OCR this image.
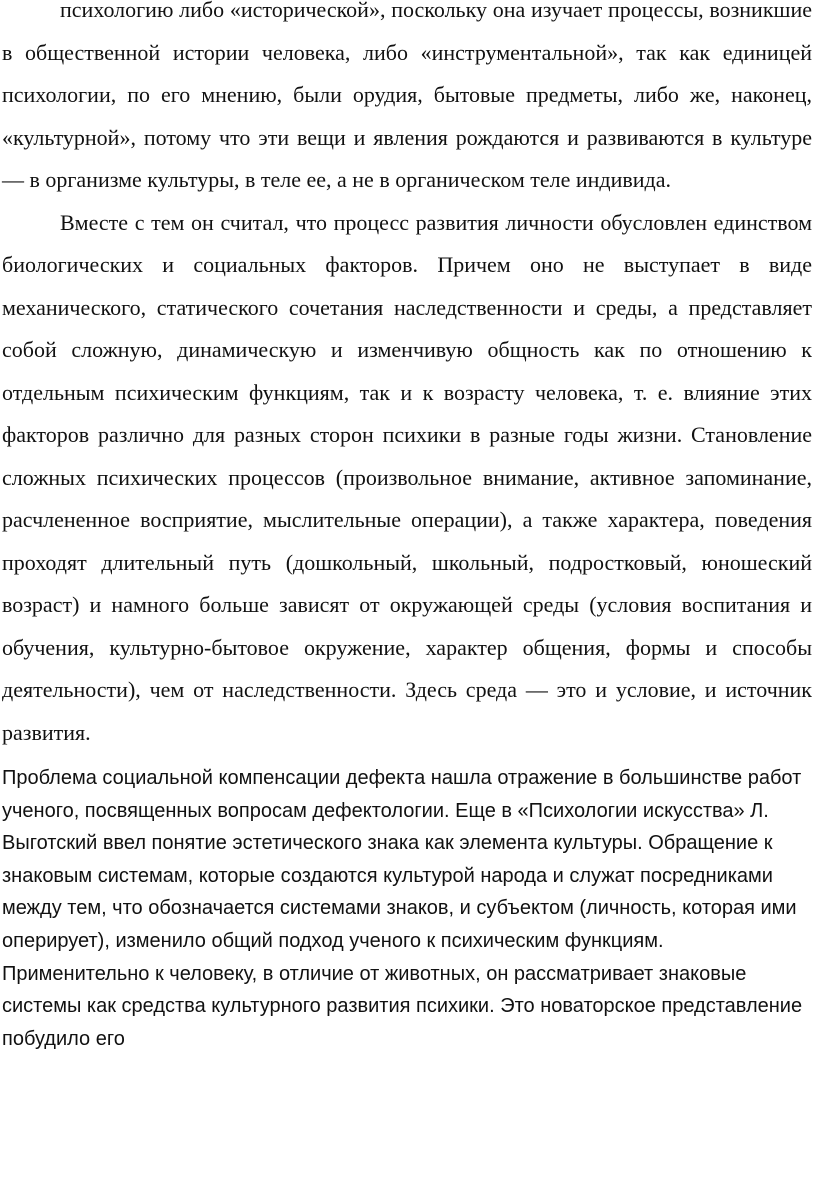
психологию либо «исторической», поскольку она изучает процессы, возникшие в общественной истории человека, либо «инструментальной», так как единицей психологии, по его мнению, были орудия, бытовые предметы, либо же, наконец, «культурной», потому что эти вещи и явления рождаются и развиваются в культуре — в организме культуры, в теле ее, а не в органическом теле индивида.

Вместе с тем он считал, что процесс развития личности обусловлен единством биологических и социальных факторов. Причем оно не выступает в виде механического, статического сочетания наследственности и среды, а представляет собой сложную, динамическую и изменчивую общность как по отношению к отдельным психическим функциям, так и к возрасту человека, т. е. влияние этих факторов различно для разных сторон психики в разные годы жизни. Становление сложных психических процессов (произвольное внимание, активное запоминание, расчлененное восприятие, мыслительные операции), а также характера, поведения проходят длительный путь (дошкольный, школьный, подростковый, юношеский возраст) и намного больше зависят от окружающей среды (условия воспитания и обучения, культурно-бытовое окружение, характер общения, формы и способы деятельности), чем от наследственности. Здесь среда — это и условие, и источник развития.

Проблема социальной компенсации дефекта нашла отражение в большинстве работ ученого, посвященных вопросам дефектологии. Еще в «Психологии искусства» Л. Выготский ввел понятие эстетического знака как элемента культуры. Обращение к знаковым системам, которые создаются культурой народа и служат посредниками между тем, что обозначается системами знаков, и субъектом (личность, которая ими оперирует), изменило общий подход ученого к психическим функциям. Применительно к человеку, в отличие от животных, он рассматривает знаковые системы как средства культурного развития психики. Это новаторское представление побудило его
